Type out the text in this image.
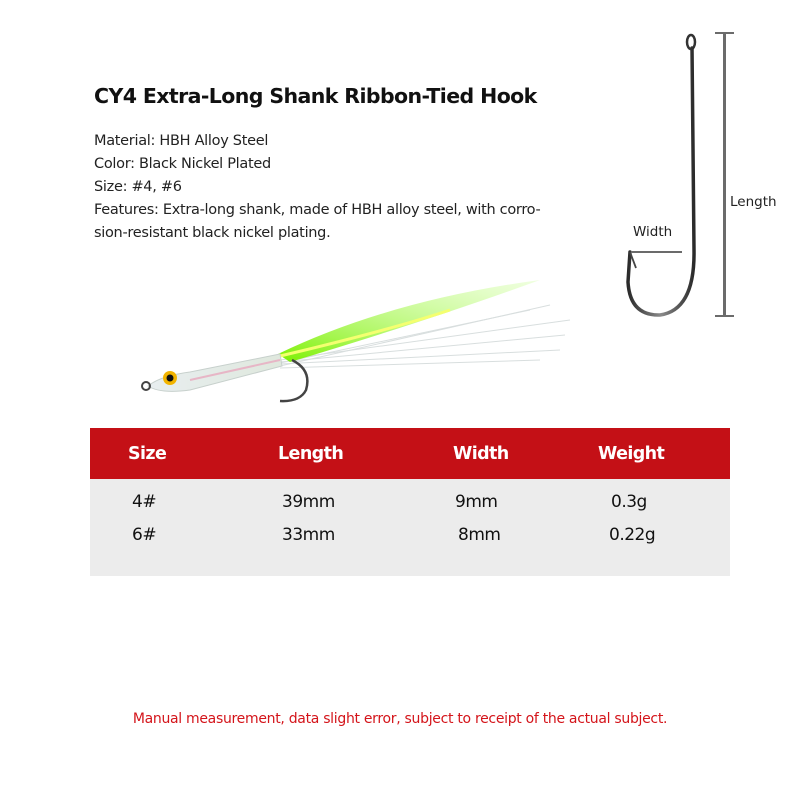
CY4 Extra-Long Shank Ribbon-Tied Hook
Material: HBH Alloy Steel
Color: Black Nickel Plated
Size: #4, #6
Features: Extra-long shank, made of HBH alloy steel, with corro-
sion-resistant black nickel plating.
Length
Width
Size	Length	Width	Weight
4#	39mm	9mm	0.3g
6#	33mm	8mm	0.22g
Manual measurement, data slight error, subject to receipt of the actual subject.
